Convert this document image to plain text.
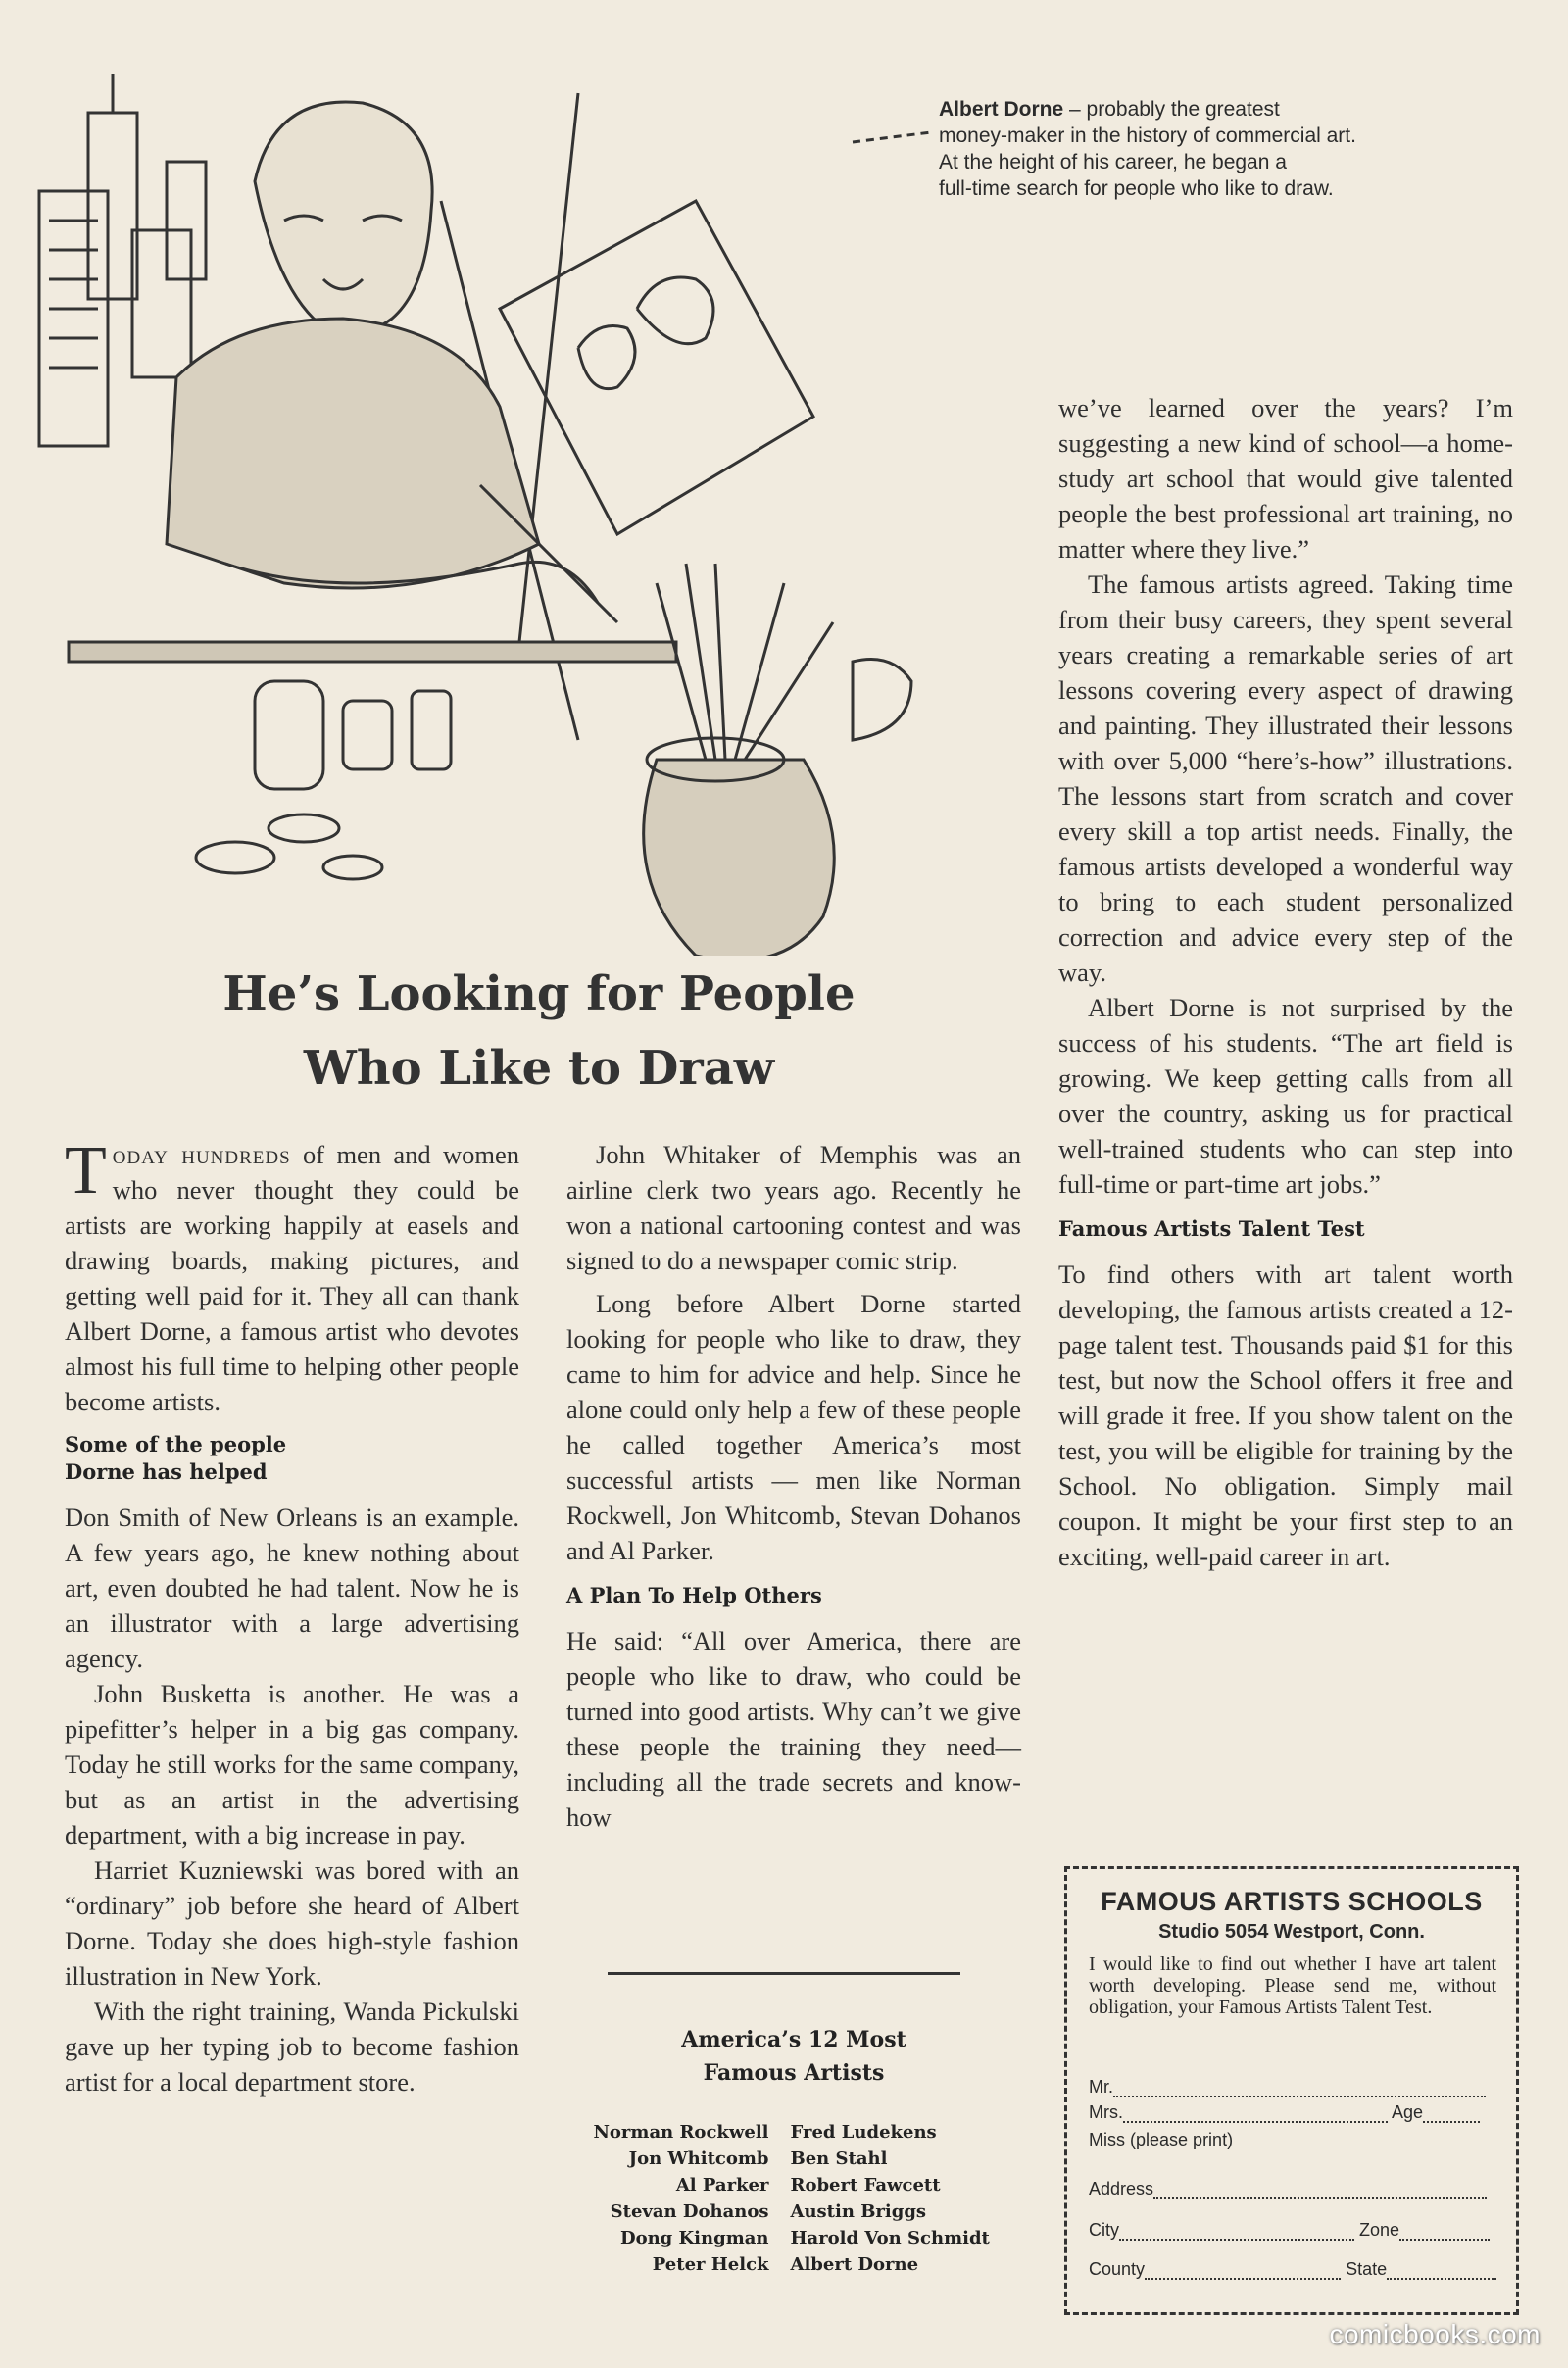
Albert Dorne – probably the greatest
money-maker in the history of commercial art.
At the height of his career, he began a
full-time search for people who like to draw.
He’s Looking for People
Who Like to Draw

Today hundreds of men and women who never thought they could be artists are working happily at easels and drawing boards, making pictures, and getting well paid for it. They all can thank Albert Dorne, a famous artist who devotes almost his full time to helping other people become artists.

Some of the people
Dorne has helped

Don Smith of New Orleans is an example. A few years ago, he knew nothing about art, even doubted he had talent. Now he is an illustrator with a large advertising agency.

John Busketta is another. He was a pipefitter’s helper in a big gas company. Today he still works for the same company, but as an artist in the advertising department, with a big increase in pay.

Harriet Kuzniewski was bored with an “ordinary” job before she heard of Albert Dorne. Today she does high-style fashion illustration in New York.

With the right training, Wanda Pickulski gave up her typing job to become fashion artist for a local department store.

John Whitaker of Memphis was an airline clerk two years ago. Recently he won a national cartooning contest and was signed to do a newspaper comic strip.

Long before Albert Dorne started looking for people who like to draw, they came to him for advice and help. Since he alone could only help a few of these people he called together America’s most successful artists — men like Norman Rockwell, Jon Whitcomb, Stevan Dohanos and Al Parker.

A Plan To Help Others

He said: “All over America, there are people who like to draw, who could be turned into good artists. Why can’t we give these people the training they need—including all the trade secrets and know-how

we’ve learned over the years? I’m suggesting a new kind of school—a home-study art school that would give talented people the best professional art training, no matter where they live.”

The famous artists agreed. Taking time from their busy careers, they spent several years creating a remarkable series of art lessons covering every aspect of drawing and painting. They illustrated their lessons with over 5,000 “here’s-how” illustrations. The lessons start from scratch and cover every skill a top artist needs. Finally, the famous artists developed a wonderful way to bring to each student personalized correction and advice every step of the way.

Albert Dorne is not surprised by the success of his students. “The art field is growing. We keep getting calls from all over the country, asking us for practical well-trained students who can step into full-time or part-time art jobs.”

Famous Artists Talent Test

To find others with art talent worth developing, the famous artists created a 12-page talent test. Thousands paid $1 for this test, but now the School offers it free and will grade it free. If you show talent on the test, you will be eligible for training by the School. No obligation. Simply mail coupon. It might be your first step to an exciting, well-paid career in art.

America’s 12 Most
Famous Artists
Norman Rockwell	Fred Ludekens
Jon Whitcomb	Ben Stahl
Al Parker	Robert Fawcett
Stevan Dohanos	Austin Briggs
Dong Kingman	Harold Von Schmidt
Peter Helck	Albert Dorne
FAMOUS ARTISTS SCHOOLS
Studio 5054 Westport, Conn.
I would like to find out whether I have art talent worth developing. Please send me, without obligation, your Famous Artists Talent Test.
Mr.
Mrs.	Age
Miss (please print)
Address
City	Zone
County	State
comicbooks.com
